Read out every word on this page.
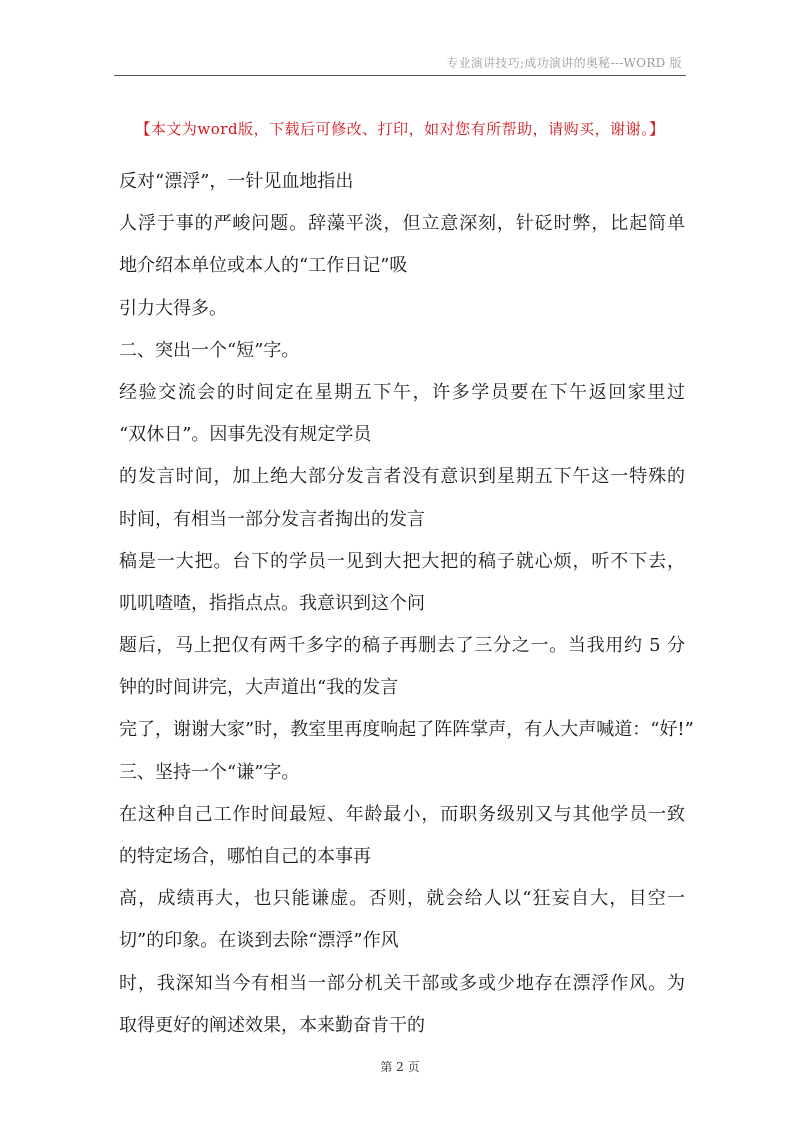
专业演讲技巧;成功演讲的奥秘---WORD 版
【本文为word版，下载后可修改、打印，如对您有所帮助，请购买，谢谢。】
反对“漂浮”，一针见血地指出
人浮于事的严峻问题。辞藻平淡，但立意深刻，针砭时弊，比起简单
地介绍本单位或本人的“工作日记”吸
引力大得多。
二、突出一个“短”字。
经验交流会的时间定在星期五下午，许多学员要在下午返回家里过
“双休日”。因事先没有规定学员
的发言时间，加上绝大部分发言者没有意识到星期五下午这一特殊的
时间，有相当一部分发言者掏出的发言
稿是一大把。台下的学员一见到大把大把的稿子就心烦，听不下去，
叽叽喳喳，指指点点。我意识到这个问
题后，马上把仅有两千多字的稿子再删去了三分之一。当我用约 5 分
钟的时间讲完，大声道出“我的发言
完了，谢谢大家”时，教室里再度响起了阵阵掌声，有人大声喊道：“好!”
三、坚持一个“谦”字。
在这种自己工作时间最短、年龄最小，而职务级别又与其他学员一致
的特定场合，哪怕自己的本事再
高，成绩再大，也只能谦虚。否则，就会给人以“狂妄自大，目空一
切”的印象。在谈到去除“漂浮”作风
时，我深知当今有相当一部分机关干部或多或少地存在漂浮作风。为
取得更好的阐述效果，本来勤奋肯干的
第 2 页
